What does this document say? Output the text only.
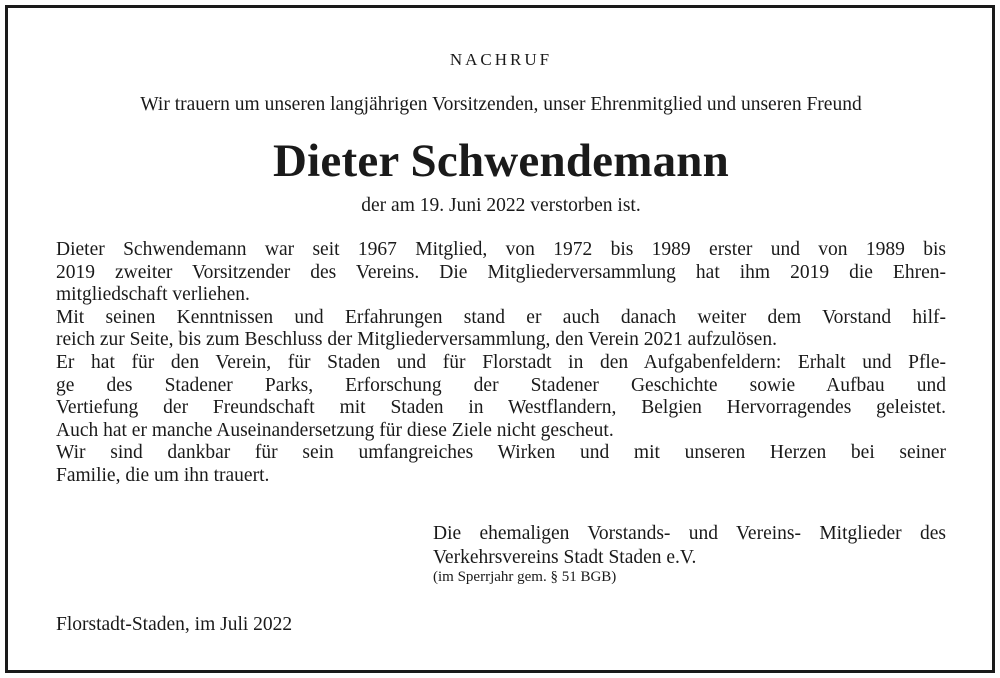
NACHRUF
Wir trauern um unseren langjährigen Vorsitzenden, unser Ehrenmitglied und unseren Freund
Dieter Schwendemann
der am 19. Juni 2022 verstorben ist.
Dieter Schwendemann war seit 1967 Mitglied, von 1972 bis 1989 erster und von 1989 bis
2019 zweiter Vorsitzender des Vereins. Die Mitgliederversammlung hat ihm 2019 die Ehren-
mitgliedschaft verliehen.
Mit seinen Kenntnissen und Erfahrungen stand er auch danach weiter dem Vorstand hilf-
reich zur Seite, bis zum Beschluss der Mitgliederversammlung, den Verein 2021 aufzulösen.
Er hat für den Verein, für Staden und für Florstadt in den Aufgabenfeldern: Erhalt und Pfle-
ge des Stadener Parks, Erforschung der Stadener Geschichte sowie Aufbau und
Vertiefung der Freundschaft mit Staden in Westflandern, Belgien Hervorragendes geleistet.
Auch hat er manche Auseinandersetzung für diese Ziele nicht gescheut.
Wir sind dankbar für sein umfangreiches Wirken und mit unseren Herzen bei seiner
Familie, die um ihn trauert.
Die ehemaligen Vorstands- und Vereins- Mitglieder des
Verkehrsvereins Stadt Staden e.V.
(im Sperrjahr gem. § 51 BGB)
Florstadt-Staden, im Juli 2022
